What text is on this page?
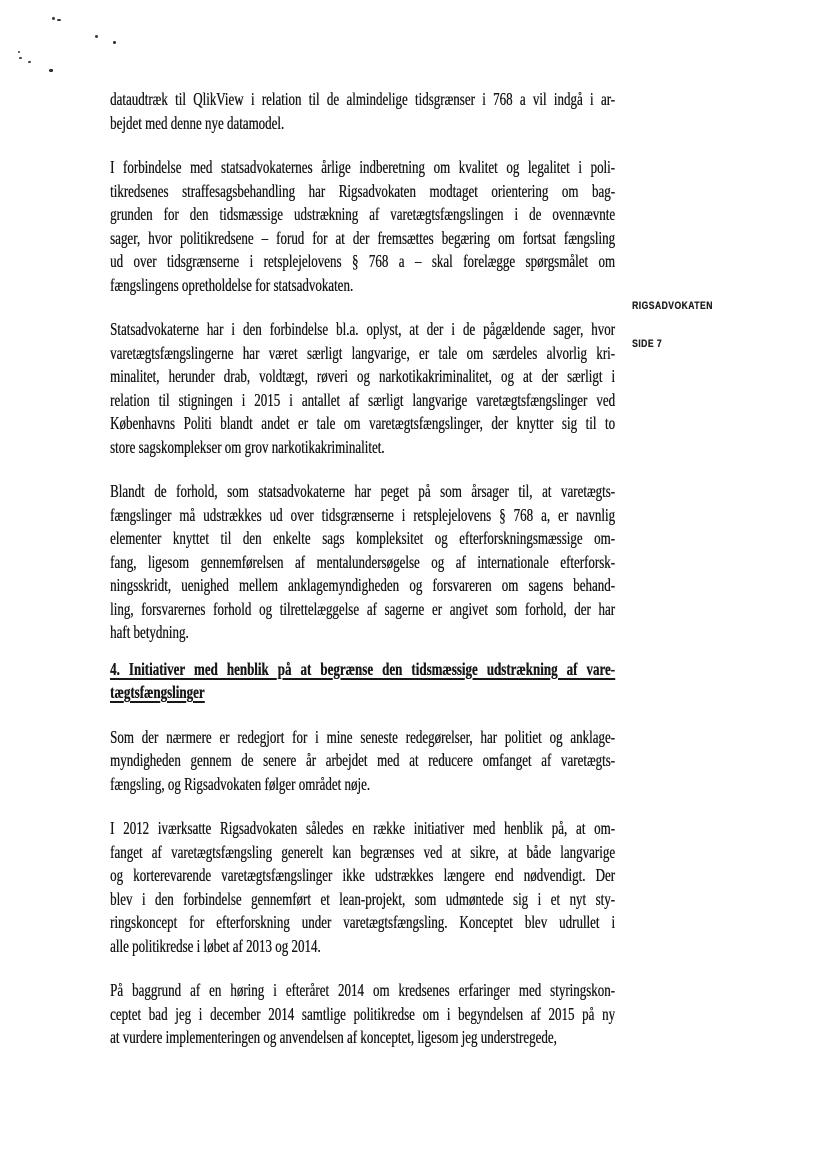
RIGSADVOKATEN
SIDE 7
dataudtræk til QlikView i relation til de almindelige tidsgrænser i 768 a vil indgå i ar-
bejdet med denne nye datamodel.
I forbindelse med statsadvokaternes årlige indberetning om kvalitet og legalitet i poli-
tikredsenes straffesagsbehandling har Rigsadvokaten modtaget orientering om bag-
grunden for den tidsmæssige udstrækning af varetægtsfængslingen i de ovennævnte
sager, hvor politikredsene – forud for at der fremsættes begæring om fortsat fængsling
ud over tidsgrænserne i retsplejelovens § 768 a – skal forelægge spørgsmålet om
fængslingens opretholdelse for statsadvokaten.
Statsadvokaterne har i den forbindelse bl.a. oplyst, at der i de pågældende sager, hvor
varetægtsfængslingerne har været særligt langvarige, er tale om særdeles alvorlig kri-
minalitet, herunder drab, voldtægt, røveri og narkotikakriminalitet, og at der særligt i
relation til stigningen i 2015 i antallet af særligt langvarige varetægtsfængslinger ved
Københavns Politi blandt andet er tale om varetægtsfængslinger, der knytter sig til to
store sagskomplekser om grov narkotikakriminalitet.
Blandt de forhold, som statsadvokaterne har peget på som årsager til, at varetægts-
fængslinger må udstrækkes ud over tidsgrænserne i retsplejelovens § 768 a, er navnlig
elementer knyttet til den enkelte sags kompleksitet og efterforskningsmæssige om-
fang, ligesom gennemførelsen af mentalundersøgelse og af internationale efterforsk-
ningsskridt, uenighed mellem anklagemyndigheden og forsvareren om sagens behand-
ling, forsvarernes forhold og tilrettelæggelse af sagerne er angivet som forhold, der har
haft betydning.
4. Initiativer med henblik på at begrænse den tidsmæssige udstrækning af vare-
tægtsfængslinger
Som der nærmere er redegjort for i mine seneste redegørelser, har politiet og anklage-
myndigheden gennem de senere år arbejdet med at reducere omfanget af varetægts-
fængsling, og Rigsadvokaten følger området nøje.
I 2012 iværksatte Rigsadvokaten således en række initiativer med henblik på, at om-
fanget af varetægtsfængsling generelt kan begrænses ved at sikre, at både langvarige
og korterevarende varetægtsfængslinger ikke udstrækkes længere end nødvendigt. Der
blev i den forbindelse gennemført et lean-projekt, som udmøntede sig i et nyt sty-
ringskoncept for efterforskning under varetægtsfængsling. Konceptet blev udrullet i
alle politikredse i løbet af 2013 og 2014.
På baggrund af en høring i efteråret 2014 om kredsenes erfaringer med styringskon-
ceptet bad jeg i december 2014 samtlige politikredse om i begyndelsen af 2015 på ny
at vurdere implementeringen og anvendelsen af konceptet, ligesom jeg understregede,
